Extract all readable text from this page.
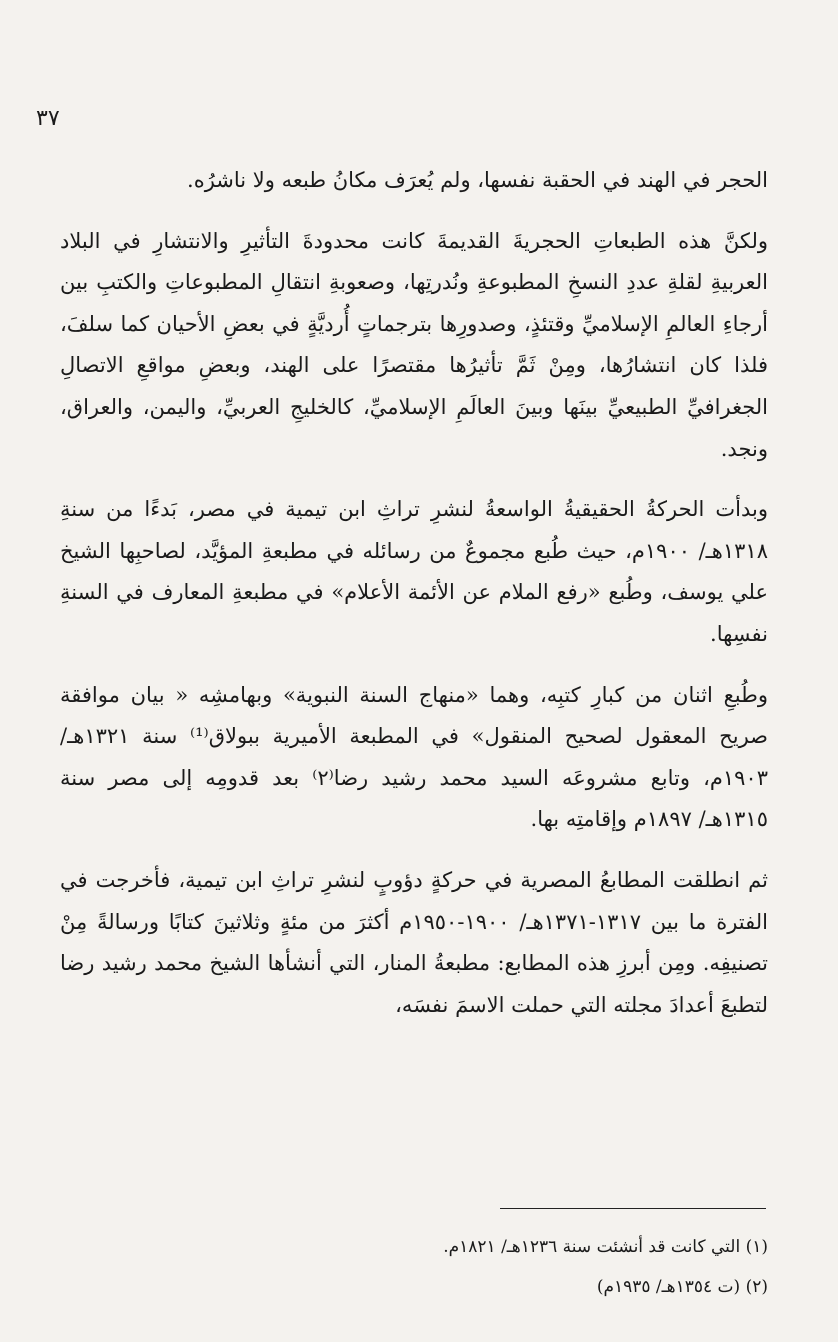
٣٧

الحجر في الهند في الحقبة نفسها، ولم يُعرَف مكانُ طبعه ولا ناشرُه.

ولكنَّ هذه الطبعاتِ الحجريةَ القديمةَ كانت محدودةَ التأثيرِ والانتشارِ في البلاد العربيةِ لقلةِ عددِ النسخِ المطبوعةِ ونُدرتِها، وصعوبةِ انتقالِ المطبوعاتِ والكتبِ بين أرجاءِ العالمِ الإسلاميِّ وقتئذٍ، وصدورِها بترجماتٍ أُرديَّةٍ في بعضِ الأحيان كما سلفَ، فلذا كان انتشارُها، ومِنْ ثَمَّ تأثيرُها مقتصرًا على الهند، وبعضِ مواقعِ الاتصالِ الجغرافيِّ الطبيعيِّ بينَها وبينَ العالَمِ الإسلاميِّ، كالخليجِ العربيِّ، واليمن، والعراق، ونجد.

وبدأت الحركةُ الحقيقيةُ الواسعةُ لنشرِ تراثِ ابن تيمية في مصر، بَدءًا من سنةِ ١٣١٨هـ/ ١٩٠٠م، حيث طُبع مجموعٌ من رسائله في مطبعةِ المؤيَّد، لصاحبِها الشيخ علي يوسف، وطُبع «رفع الملام عن الأئمة الأعلام» في مطبعةِ المعارف في السنةِ نفسِها.

وطُبعِ اثنان من كبارِ كتبِه، وهما «منهاج السنة النبوية» وبهامشِه « بيان موافقة صريح المعقول لصحيح المنقول» في المطبعة الأميرية ببولاق⁽¹⁾ سنة ١٣٢١هـ/ ١٩٠٣م، وتابع مشروعَه السيد محمد رشيد رضا⁽٢⁾ بعد قدومِه إلى مصر سنة ١٣١٥هـ/ ١٨٩٧م وإقامتِه بها.

ثم انطلقت المطابعُ المصرية في حركةٍ دؤوبٍ لنشرِ تراثِ ابن تيمية، فأخرجت في الفترة ما بين ١٣١٧-١٣٧١هـ/ ١٩٠٠-١٩٥٠م أكثرَ من مئةٍ وثلاثينَ كتابًا ورسالةً مِنْ تصنيفِه. ومِن أبرزِ هذه المطابع: مطبعةُ المنار، التي أنشأها الشيخ محمد رشيد رضا لتطبعَ أعدادَ مجلته التي حملت الاسمَ نفسَه،

(١) التي كانت قد أنشئت سنة ١٢٣٦هـ/ ١٨٢١م.
(٢) (ت ١٣٥٤هـ/ ١٩٣٥م)
